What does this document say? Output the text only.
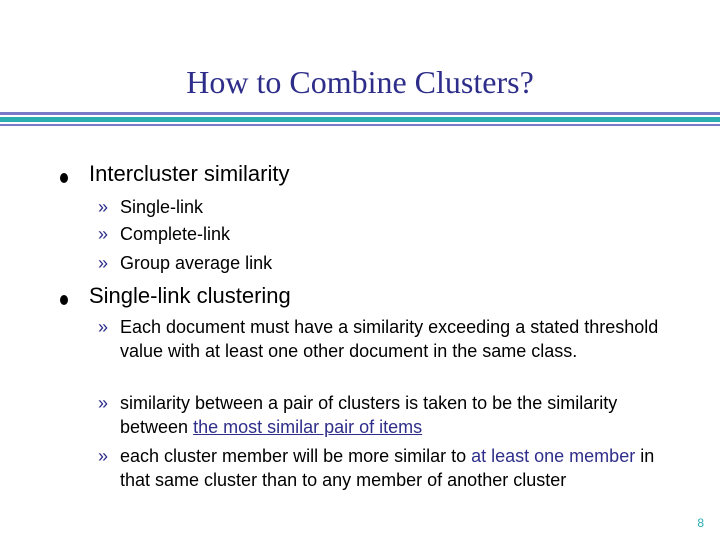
How to Combine Clusters?

Intercluster similarity

» Single-link
» Complete-link
» Group average link

Single-link clustering

» Each document must have a similarity exceeding a stated threshold value with at least one other document in the same class.
» similarity between a pair of clusters is taken to be the similarity between the most similar pair of items
» each cluster member will be more similar to at least one member in that same cluster than to any member of another cluster
8
